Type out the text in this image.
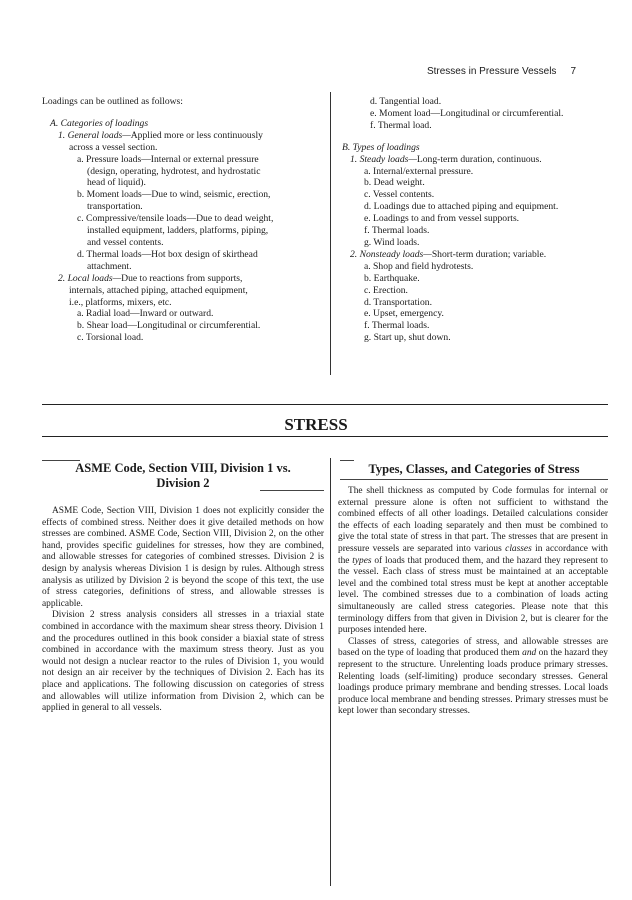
Stresses in Pressure Vessels 7
Loadings can be outlined as follows:
A. Categories of loadings
1. General loads—Applied more or less continuously
across a vessel section.
a. Pressure loads—Internal or external pressure
(design, operating, hydrotest, and hydrostatic
head of liquid).
b. Moment loads—Due to wind, seismic, erection,
transportation.
c. Compressive/tensile loads—Due to dead weight,
installed equipment, ladders, platforms, piping,
and vessel contents.
d. Thermal loads—Hot box design of skirthead
attachment.
2. Local loads—Due to reactions from supports,
internals, attached piping, attached equipment,
i.e., platforms, mixers, etc.
a. Radial load—Inward or outward.
b. Shear load—Longitudinal or circumferential.
c. Torsional load.
d. Tangential load.
e. Moment load—Longitudinal or circumferential.
f. Thermal load.
B. Types of loadings
1. Steady loads—Long-term duration, continuous.
a. Internal/external pressure.
b. Dead weight.
c. Vessel contents.
d. Loadings due to attached piping and equipment.
e. Loadings to and from vessel supports.
f. Thermal loads.
g. Wind loads.
2. Nonsteady loads—Short-term duration; variable.
a. Shop and field hydrotests.
b. Earthquake.
c. Erection.
d. Transportation.
e. Upset, emergency.
f. Thermal loads.
g. Start up, shut down.
STRESS
ASME Code, Section VIII, Division 1 vs.
Division 2
Types, Classes, and Categories of Stress

ASME Code, Section VIII, Division 1 does not explicitly consider the effects of combined stress. Neither does it give detailed methods on how stresses are combined. ASME Code, Section VIII, Division 2, on the other hand, provides specific guidelines for stresses, how they are combined, and allowable stresses for categories of combined stresses. Division 2 is design by analysis whereas Division 1 is design by rules. Although stress analysis as utilized by Division 2 is beyond the scope of this text, the use of stress categories, definitions of stress, and allowable stresses is applicable.

Division 2 stress analysis considers all stresses in a triaxial state combined in accordance with the maximum shear stress theory. Division 1 and the procedures outlined in this book consider a biaxial state of stress combined in accordance with the maximum stress theory. Just as you would not design a nuclear reactor to the rules of Division 1, you would not design an air receiver by the techniques of Division 2. Each has its place and applications. The following discussion on categories of stress and allowables will utilize information from Division 2, which can be applied in general to all vessels.

The shell thickness as computed by Code formulas for internal or external pressure alone is often not sufficient to withstand the combined effects of all other loadings. Detailed calculations consider the effects of each loading separately and then must be combined to give the total state of stress in that part. The stresses that are present in pressure vessels are separated into various classes in accordance with the types of loads that produced them, and the hazard they represent to the vessel. Each class of stress must be maintained at an acceptable level and the combined total stress must be kept at another acceptable level. The combined stresses due to a combination of loads acting simultaneously are called stress categories. Please note that this terminology differs from that given in Division 2, but is clearer for the purposes intended here.

Classes of stress, categories of stress, and allowable stresses are based on the type of loading that produced them and on the hazard they represent to the structure. Unrelenting loads produce primary stresses. Relenting loads (self-limiting) produce secondary stresses. General loadings produce primary membrane and bending stresses. Local loads produce local membrane and bending stresses. Primary stresses must be kept lower than secondary stresses.
